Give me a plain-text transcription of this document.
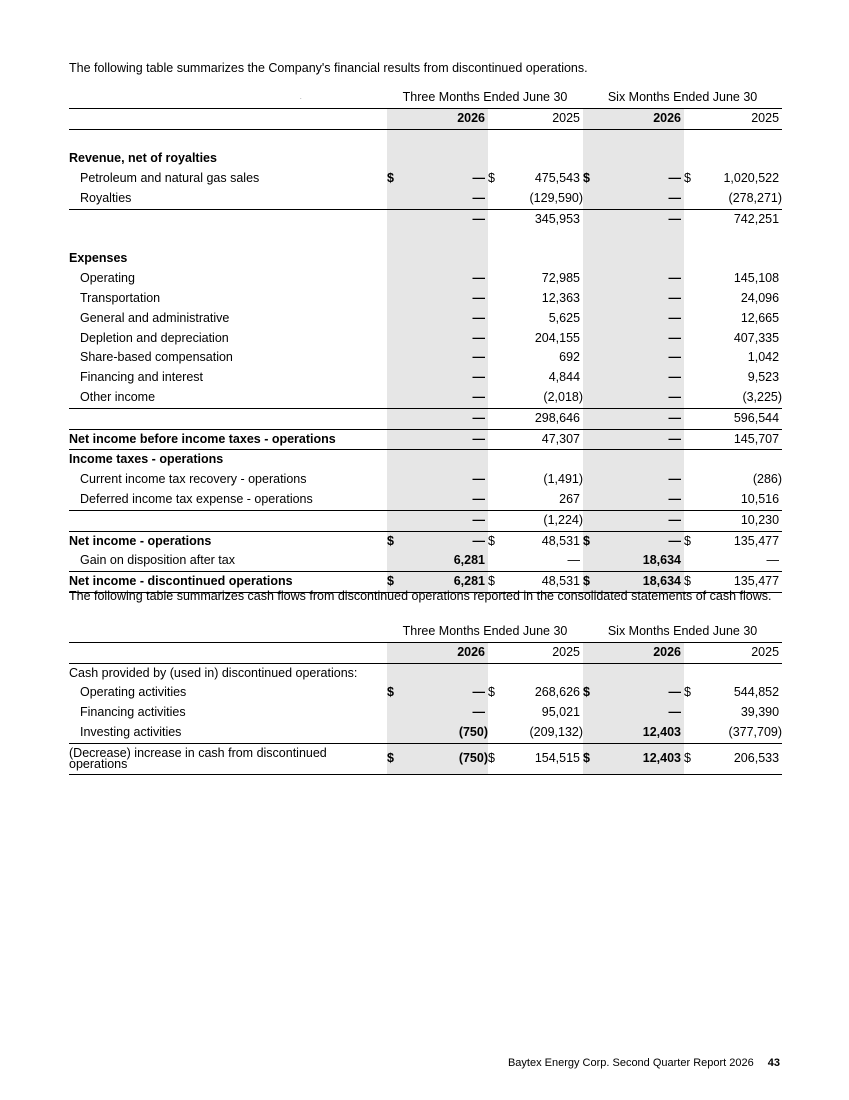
The following table summarizes the Company's financial results from discontinued operations.

.
		Three Months Ended June 30				Six Months Ended June 30			
		2026		2025		2026		2025

Revenue, net of royalties								
Petroleum and natural gas sales	$	—	$	475,543	$	—	$	1,020,522
Royalties		—		(129,590)		—		(278,271)
		—		345,953		—		742,251

Expenses								
Operating		—		72,985		—		145,108
Transportation		—		12,363		—		24,096
General and administrative		—		5,625		—		12,665
Depletion and depreciation		—		204,155		—		407,335
Share-based compensation		—		692		—		1,042
Financing and interest		—		4,844		—		9,523
Other income		—		(2,018)		—		(3,225)
		—		298,646		—		596,544
Net income before income taxes - operations		—		47,307		—		145,707
Income taxes - operations								
Current income tax recovery - operations		—		(1,491)		—		(286)
Deferred income tax expense - operations		—		267		—		10,516
		—		(1,224)		—		10,230
Net income - operations	$	—	$	48,531	$	—	$	135,477
Gain on disposition after tax		6,281		—		18,634		—
Net income - discontinued operations	$	6,281	$	48,531	$	18,634	$	135,477

The following table summarizes cash flows from discontinued operations reported in the consolidated statements of cash flows.

	Three Months Ended June 30				Six Months Ended June 30			
		2026		2025		2026		2025
Cash provided by (used in) discontinued operations:								
Operating activities	$	—	$	268,626	$	—	$	544,852
Financing activities		—		95,021		—		39,390
Investing activities		(750)		(209,132)		12,403		(377,709)
(Decrease) increase in cash from discontinued operations	$	(750)	$	154,515	$	12,403	$	206,533
Baytex Energy Corp. Second Quarter Report 2026 43
